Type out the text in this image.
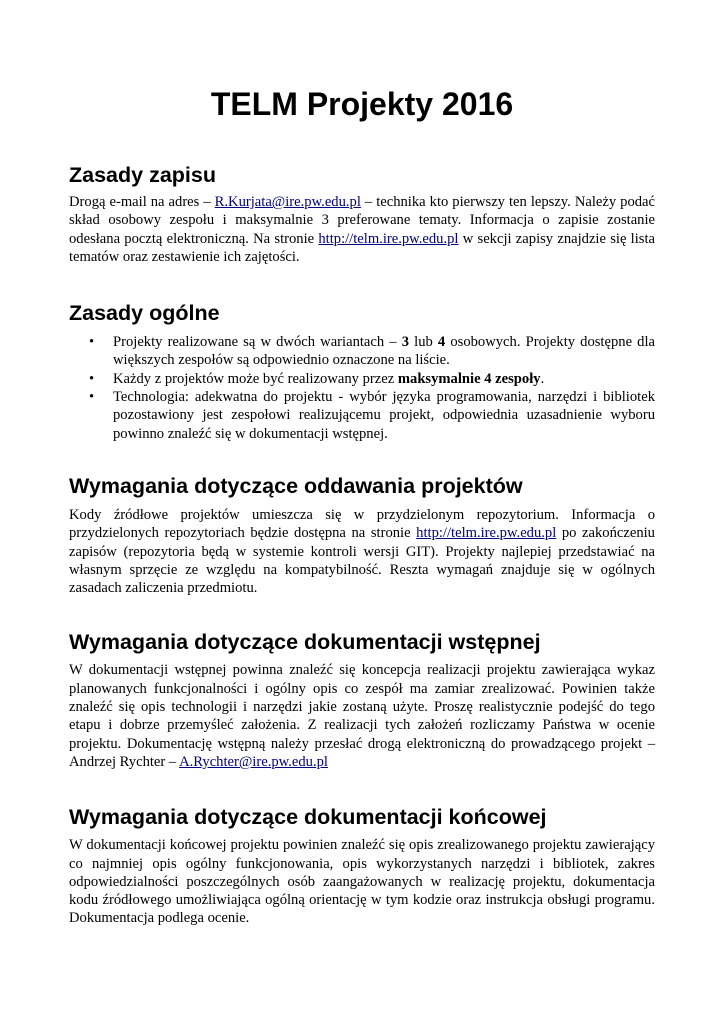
TELM Projekty 2016
Zasady zapisu

Drogą e-mail na adres – R.Kurjata@ire.pw.edu.pl – technika kto pierwszy ten lepszy. Należy podać skład osobowy zespołu i maksymalnie 3 preferowane tematy. Informacja o zapisie zostanie odesłana pocztą elektroniczną. Na stronie http://telm.ire.pw.edu.pl w sekcji zapisy znajdzie się lista tematów oraz zestawienie ich zajętości.

Zasady ogólne
• Projekty realizowane są w dwóch wariantach – 3 lub 4 osobowych. Projekty dostępne dla większych zespołów są odpowiednio oznaczone na liście.
• Każdy z projektów może być realizowany przez maksymalnie 4 zespoły.
• Technologia: adekwatna do projektu - wybór języka programowania, narzędzi i bibliotek pozostawiony jest zespołowi realizującemu projekt, odpowiednia uzasadnienie wyboru powinno znaleźć się w dokumentacji wstępnej.
Wymagania dotyczące oddawania projektów

Kody źródłowe projektów umieszcza się w przydzielonym repozytorium. Informacja o przydzielonych repozytoriach będzie dostępna na stronie http://telm.ire.pw.edu.pl po zakończeniu zapisów (repozytoria będą w systemie kontroli wersji GIT). Projekty najlepiej przedstawiać na własnym sprzęcie ze względu na kompatybilność. Reszta wymagań znajduje się w ogólnych zasadach zaliczenia przedmiotu.

Wymagania dotyczące dokumentacji wstępnej

W dokumentacji wstępnej powinna znaleźć się koncepcja realizacji projektu zawierająca wykaz planowanych funkcjonalności i ogólny opis co zespół ma zamiar zrealizować. Powinien także znaleźć się opis technologii i narzędzi jakie zostaną użyte. Proszę realistycznie podejść do tego etapu i dobrze przemyśleć założenia. Z realizacji tych założeń rozliczamy Państwa w ocenie projektu. Dokumentację wstępną należy przesłać drogą elektroniczną do prowadzącego projekt – Andrzej Rychter – A.Rychter@ire.pw.edu.pl

Wymagania dotyczące dokumentacji końcowej

W dokumentacji końcowej projektu powinien znaleźć się opis zrealizowanego projektu zawierający co najmniej opis ogólny funkcjonowania, opis wykorzystanych narzędzi i bibliotek, zakres odpowiedzialności poszczególnych osób zaangażowanych w realizację projektu, dokumentacja kodu źródłowego umożliwiająca ogólną orientację w tym kodzie oraz instrukcja obsługi programu. Dokumentacja podlega ocenie.
